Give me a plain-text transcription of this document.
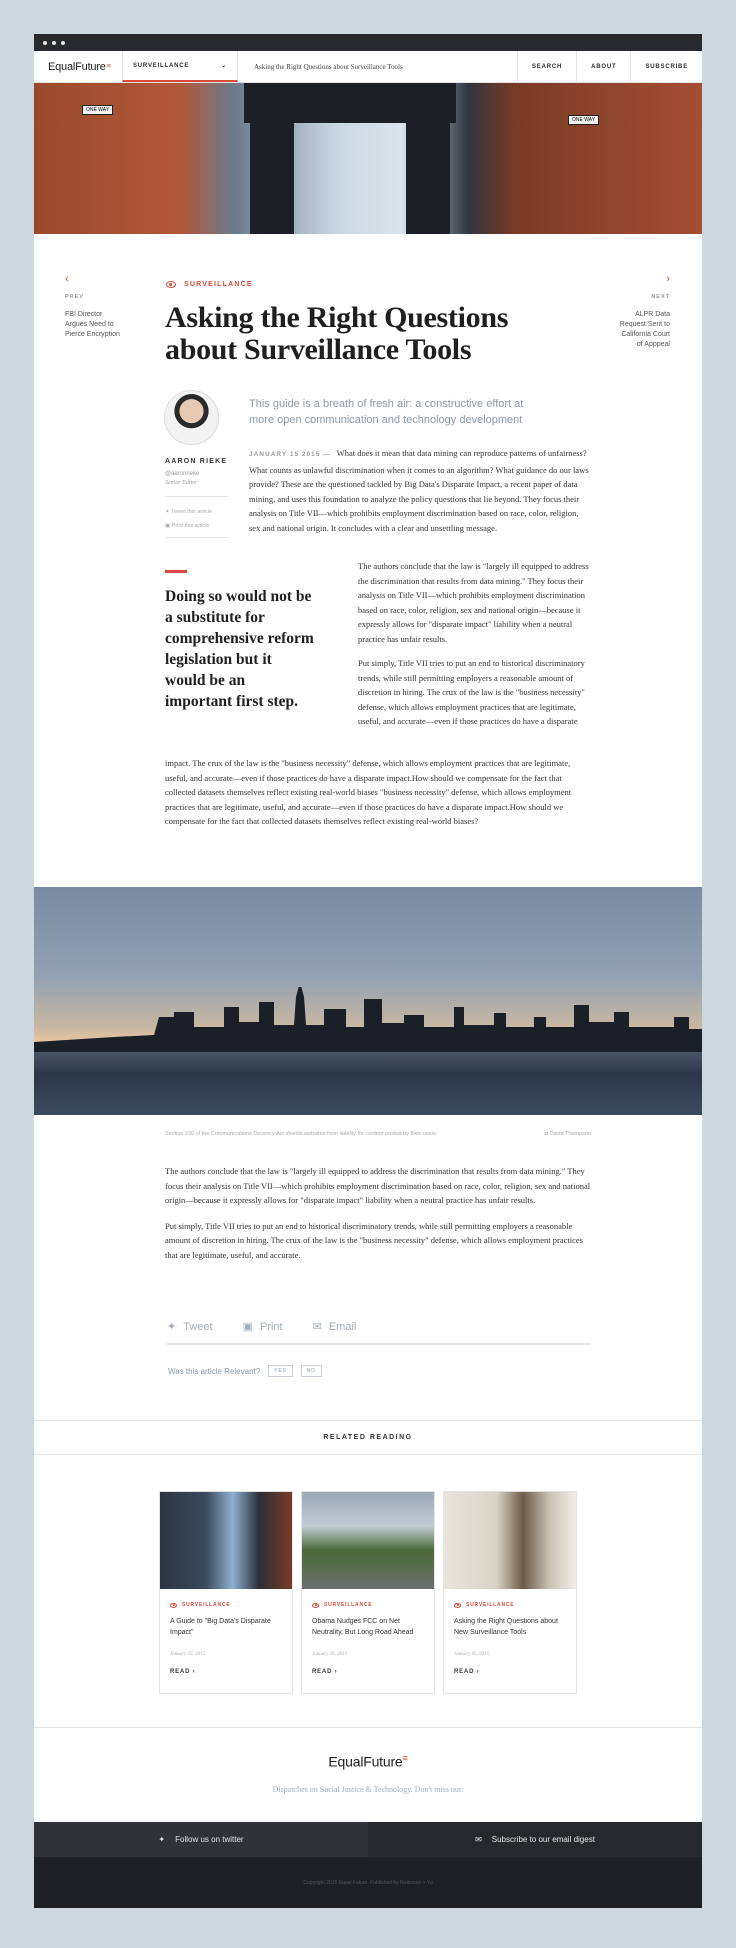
EqualFuture ≡	SURVEILLANCE	⌄	Asking the Right Questions about Surveillance Tools	SEARCH	ABOUT	SUBSCRIBE
ONE WAY
ONE WAY
‹
PREV
FBI Director Argues Need to Pierce Encryption
›
NEXT
ALPR Data Request Sent to California Court of Apppeal
SURVEILLANCE
Asking the Right Questions about Surveillance Tools
AARON RIEKE
@aaronrieke
Senior Editor
✦ Tweet this article
▣ Print this article

This guide is a breath of fresh air: a constructive effort at more open communication and technology development

JANUARY 15 2015 — What does it mean that data mining can reproduce patterns of unfairness? What counts as unlawful discrimination when it comes to an algorithm? What guidance do our laws provide? These are the questioned tackled by Big Data's Disparate Impact, a recent paper of data mining, and uses this foundation to analyze the policy questions that lie beyond. They focus their analysis on Title VII—which prohibits employment discrimination based on race, color, religion, sex and national origin. It concludes with a clear and unsettling message.

Doing so would not be a substitute for comprehensive reform legislation but it would be an important first step.

The authors conclude that the law is "largely ill equipped to address the discrimination that results from data mining." They focus their analysis on Title VII—which prohibits employment discrimination based on race, color, religion, sex and national origin—because it expressly allows for "disparate impact" liability when a neutral practice has unfair results.

Put simply, Title VII tries to put an end to historical discriminatory trends, while still permitting employers a reasonable amount of discretion in hiring. The crux of the law is the "business necessity" defense, which allows employment practices that are legitimate, useful, and accurate—even if those practices do have a disparate

impact. The crux of the law is the "business necessity" defense, which allows employment practices that are legitimate, useful, and accurate—even if those practices do have a disparate impact.How should we compensate for the fact that collected datasets themselves reflect existing real-world biases "business necessity" defense, which allows employment practices that are legitimate, useful, and accurate—even if those practices do have a disparate impact.How should we compensate for the fact that collected datasets themselves reflect existing real-world biases?

Section 230 of the Communications Decency Act shields websites from liability for content posted by their users.	◘ David Thompson

The authors conclude that the law is "largely ill equipped to address the discrimination that results from data mining." They focus their analysis on Title VII—which prohibits employment discrimination based on race, color, religion, sex and national origin—because it expressly allows for "disparate impact" liability when a neutral practice has unfair results.

Put simply, Title VII tries to put an end to historical discriminatory trends, while still permitting employers a reasonable amount of discretion in hiring. The crux of the law is the "business necessity" defense, which allows employment practices that are legitimate, useful, and accurate.

✦ Tweet	▣ Print	✉ Email
Was this article Relevant?	YES	NO
RELATED READING
SURVEILLANCE
A Guide to "Big Data's Disparate Impact"
January 25, 2015
READ ›
SURVEILLANCE
Obama Nudges FCC on Net Neutrality, But Long Road Ahead
January 16, 2015
READ ›
SURVEILLANCE
Asking the Right Questions about New Surveillance Tools
January 05, 2015
READ ›
EqualFuture≡
Dispatches on Social Justice & Technology. Don't miss out:
✦ Follow us on twitter	✉ Subscribe to our email digest
Copyright 2015 Equal Future. Published by Robinson + Yu
